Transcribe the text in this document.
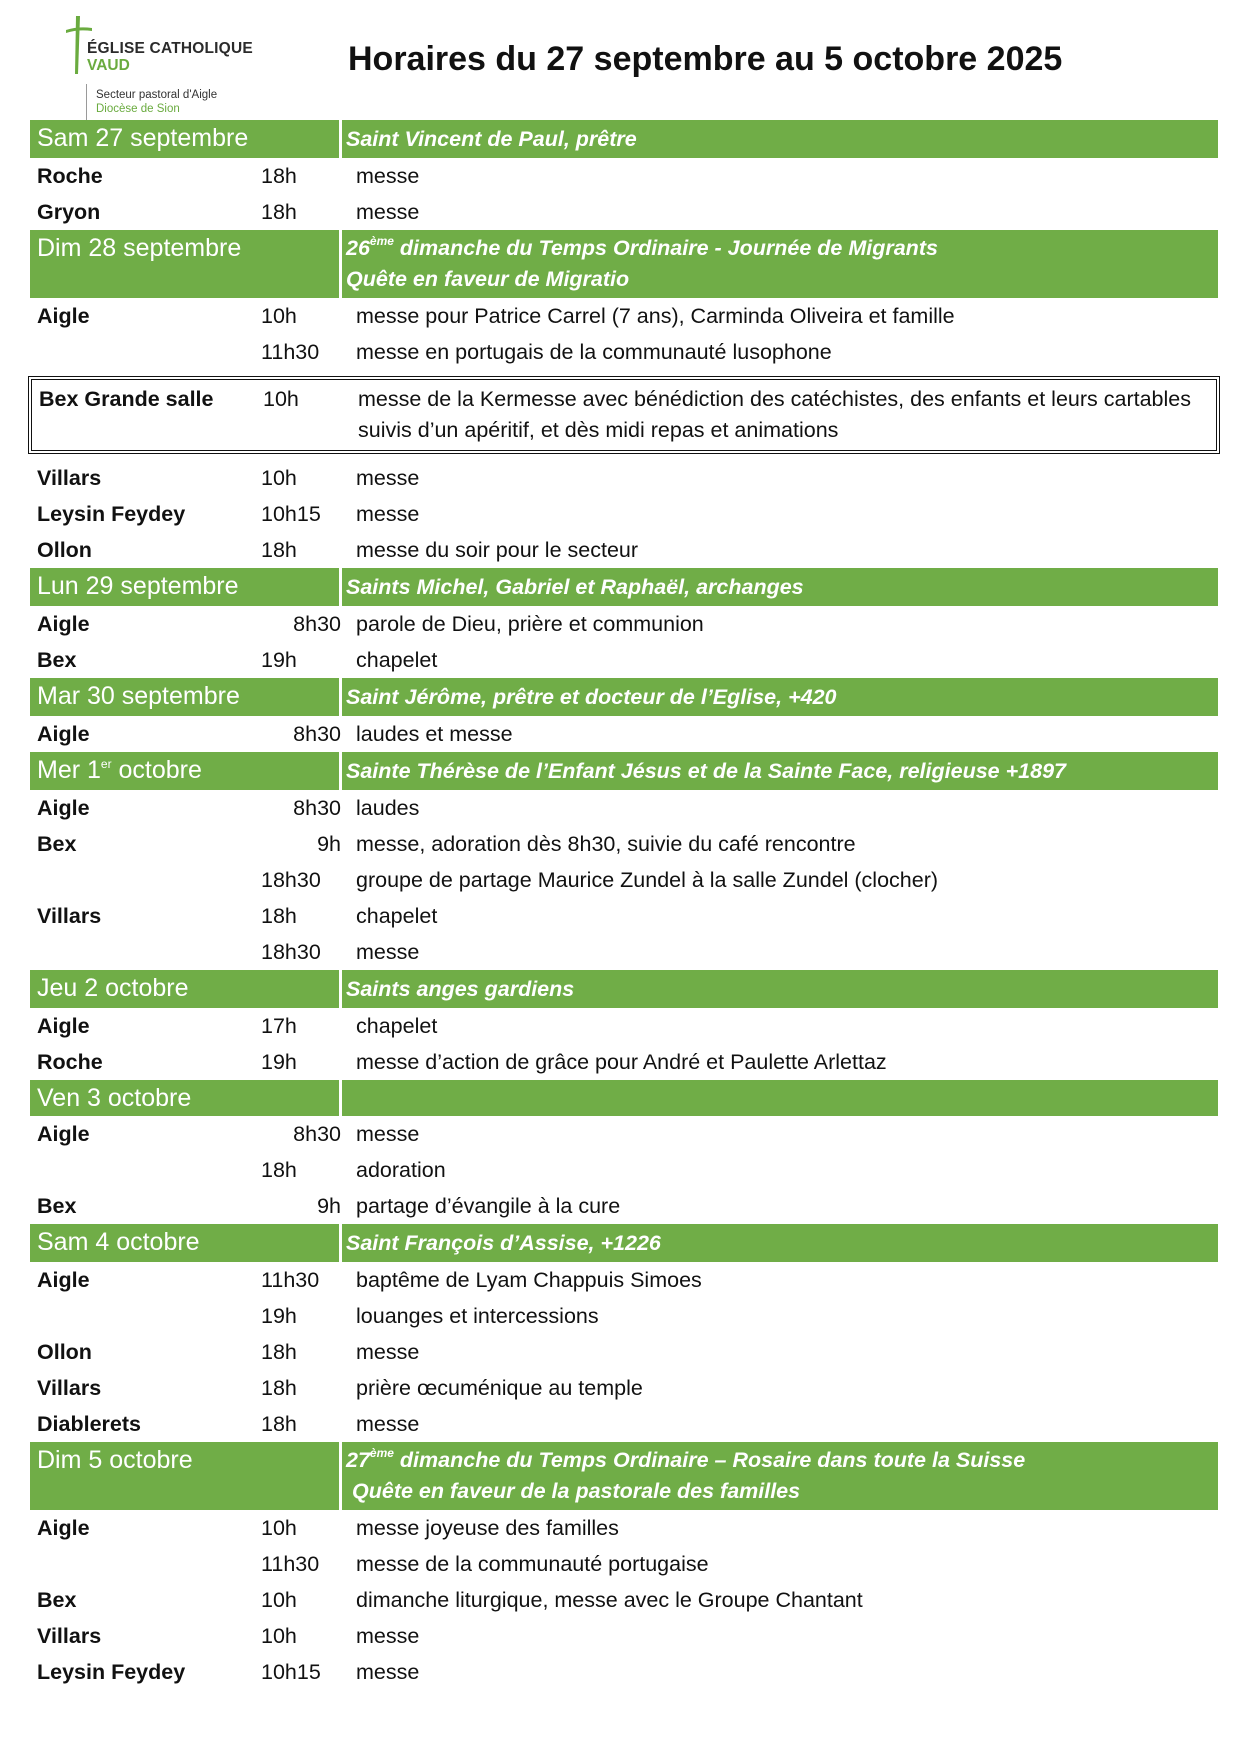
ÉGLISE CATHOLIQUE
VAUD
Secteur pastoral d'Aigle
Diocèse de Sion
Horaires du 27 septembre au 5 octobre 2025
Sam 27 septembre	Saint Vincent de Paul, prêtre
Roche	18h	messe
Gryon	18h	messe
Dim 28 septembre	26ème dimanche du Temps Ordinaire - Journée de Migrants
Quête en faveur de Migratio
Aigle	10h	messe pour Patrice Carrel (7 ans), Carminda Oliveira et famille
11h30	messe en portugais de la communauté lusophone
Bex Grande salle	10h	messe de la Kermesse avec bénédiction des catéchistes, des enfants et leurs cartables suivis d’un apéritif, et dès midi repas et animations
Villars	10h	messe
Leysin Feydey	10h15	messe
Ollon	18h	messe du soir pour le secteur
Lun 29 septembre	Saints Michel, Gabriel et Raphaël, archanges
Aigle	8h30 parole de Dieu, prière et communion
Bex	19h	chapelet
Mar 30 septembre	Saint Jérôme, prêtre et docteur de l’Eglise, +420
Aigle	8h30 laudes et messe
Mer 1er octobre	Sainte Thérèse de l’Enfant Jésus et de la Sainte Face, religieuse +1897
Aigle	8h30 laudes
Bex	9h messe, adoration dès 8h30, suivie du café rencontre
18h30	groupe de partage Maurice Zundel à la salle Zundel (clocher)
Villars	18h	chapelet
18h30	messe
Jeu 2 octobre	Saints anges gardiens
Aigle	17h	chapelet
Roche	19h	messe d’action de grâce pour André et Paulette Arlettaz
Ven 3 octobre
Aigle	8h30 messe
18h	adoration
Bex	9h partage d’évangile à la cure
Sam 4 octobre	Saint François d’Assise, +1226
Aigle	11h30	baptême de Lyam Chappuis Simoes
19h	louanges et intercessions
Ollon	18h	messe
Villars	18h	prière œcuménique au temple
Diablerets	18h	messe
Dim 5 octobre	27ème dimanche du Temps Ordinaire – Rosaire dans toute la Suisse
Quête en faveur de la pastorale des familles
Aigle	10h	messe joyeuse des familles
11h30	messe de la communauté portugaise
Bex	10h	dimanche liturgique, messe avec le Groupe Chantant
Villars	10h	messe
Leysin Feydey	10h15	messe
